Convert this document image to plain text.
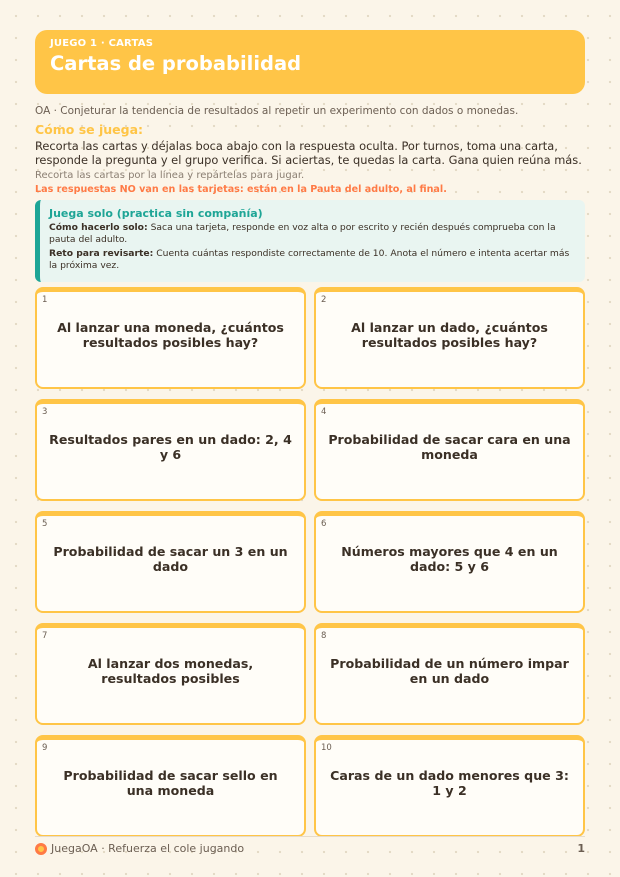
JUEGO 1 · CARTAS
Cartas de probabilidad
OA · Conjeturar la tendencia de resultados al repetir un experimento con dados o monedas.
Cómo se juega:
Recorta las cartas y déjalas boca abajo con la respuesta oculta. Por turnos, toma una carta, responde la pregunta y el grupo verifica. Si aciertas, te quedas la carta. Gana quien reúna más.
Recorta las cartas por la línea y repártelas para jugar.
Las respuestas NO van en las tarjetas: están en la Pauta del adulto, al final.
Juega solo (practica sin compañía)
Cómo hacerlo solo: Saca una tarjeta, responde en voz alta o por escrito y recién después comprueba con la pauta del adulto.
Reto para revisarte: Cuenta cuántas respondiste correctamente de 10. Anota el número e intenta acertar más la próxima vez.
1
Al lanzar una moneda, ¿cuántos resultados posibles hay?
2
Al lanzar un dado, ¿cuántos resultados posibles hay?
3
Resultados pares en un dado: 2, 4 y 6
4
Probabilidad de sacar cara en una moneda
5
Probabilidad de sacar un 3 en un dado
6
Números mayores que 4 en un dado: 5 y 6
7
Al lanzar dos monedas, resultados posibles
8
Probabilidad de un número impar en un dado
9
Probabilidad de sacar sello en una moneda
10
Caras de un dado menores que 3: 1 y 2
JuegaOA · Refuerza el cole jugando	1
